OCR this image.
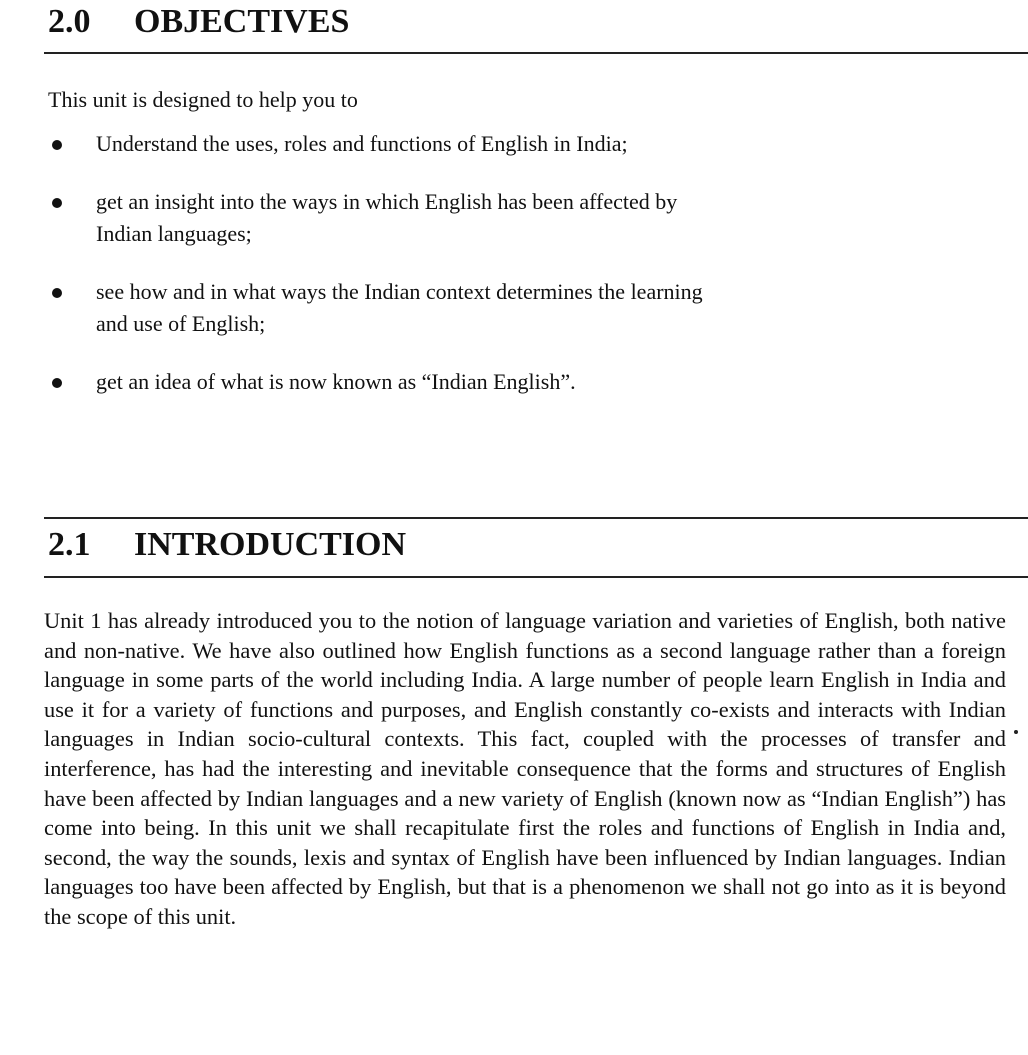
2.0 OBJECTIVES
This unit is designed to help you to
Understand the uses, roles and functions of English in India;
get an insight into the ways in which English has been affected by Indian languages;
see how and in what ways the Indian context determines the learning and use of English;
get an idea of what is now known as “Indian English”.
2.1 INTRODUCTION

Unit 1 has already introduced you to the notion of language variation and varieties of English, both native and non-native. We have also outlined how English functions as a second language rather than a foreign language in some parts of the world including India. A large number of people learn English in India and use it for a variety of functions and purposes, and English constantly co-exists and interacts with Indian languages in Indian socio-cultural contexts. This fact, coupled with the processes of transfer and interference, has had the interesting and inevitable consequence that the forms and structures of English have been affected by Indian languages and a new variety of English (known now as “Indian English”) has come into being. In this unit we shall recapitulate first the roles and functions of English in India and, second, the way the sounds, lexis and syntax of English have been influenced by Indian languages. Indian languages too have been affected by English, but that is a phenomenon we shall not go into as it is beyond the scope of this unit.
